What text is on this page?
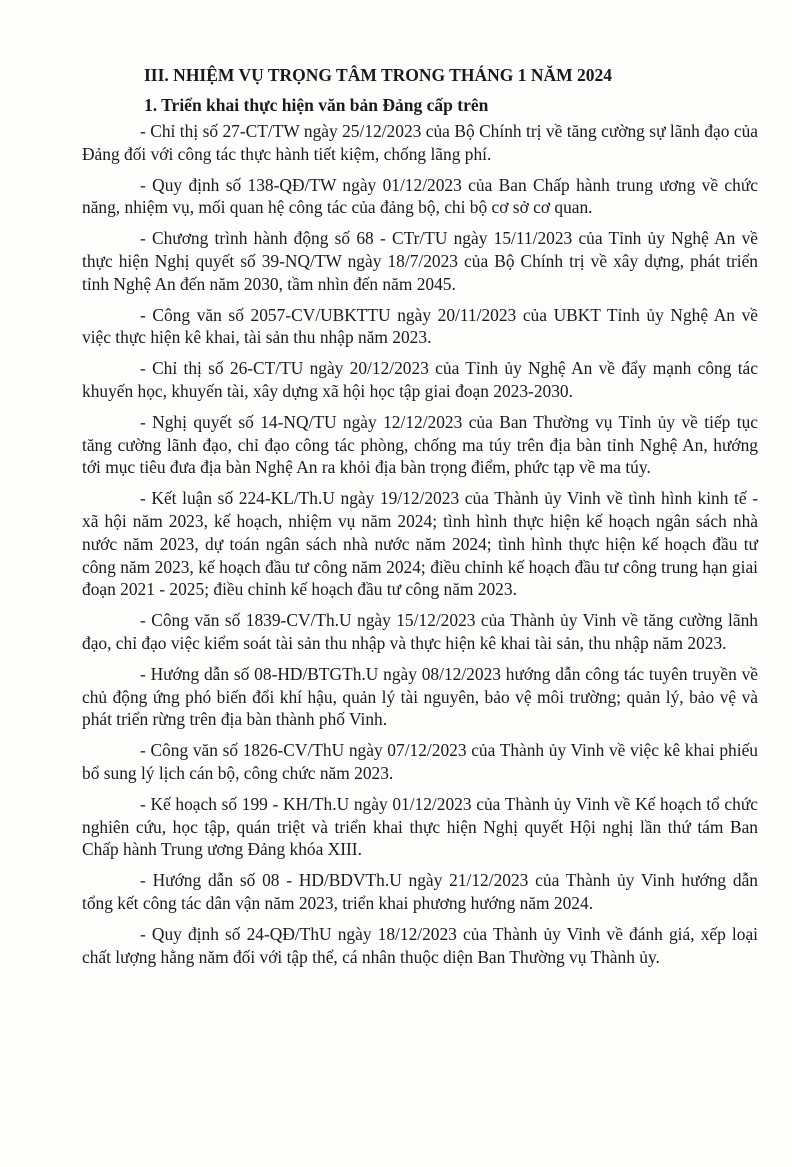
III. NHIỆM VỤ TRỌNG TÂM TRONG THÁNG 1 NĂM 2024
1. Triển khai thực hiện văn bản Đảng cấp trên

- Chỉ thị số 27-CT/TW ngày 25/12/2023 của Bộ Chính trị về tăng cường sự lãnh đạo của Đảng đối với công tác thực hành tiết kiệm, chống lãng phí.

- Quy định số 138-QĐ/TW ngày 01/12/2023 của Ban Chấp hành trung ương về chức năng, nhiệm vụ, mối quan hệ công tác của đảng bộ, chi bộ cơ sở cơ quan.

- Chương trình hành động số 68 - CTr/TU ngày 15/11/2023 của Tỉnh ủy Nghệ An về thực hiện Nghị quyết số 39-NQ/TW ngày 18/7/2023 của Bộ Chính trị về xây dựng, phát triển tỉnh Nghệ An đến năm 2030, tầm nhìn đến năm 2045.

- Công văn số 2057-CV/UBKTTU ngày 20/11/2023 của UBKT Tỉnh ủy Nghệ An về việc thực hiện kê khai, tài sản thu nhập năm 2023.

- Chỉ thị số 26-CT/TU ngày 20/12/2023 của Tỉnh ủy Nghệ An về đẩy mạnh công tác khuyến học, khuyến tài, xây dựng xã hội học tập giai đoạn 2023-2030.

- Nghị quyết số 14-NQ/TU ngày 12/12/2023 của Ban Thường vụ Tỉnh ủy về tiếp tục tăng cường lãnh đạo, chỉ đạo công tác phòng, chống ma túy trên địa bàn tỉnh Nghệ An, hướng tới mục tiêu đưa địa bàn Nghệ An ra khỏi địa bàn trọng điểm, phức tạp về ma túy.

- Kết luận số 224-KL/Th.U ngày 19/12/2023 của Thành ủy Vinh về tình hình kinh tế - xã hội năm 2023, kế hoạch, nhiệm vụ năm 2024; tình hình thực hiện kế hoạch ngân sách nhà nước năm 2023, dự toán ngân sách nhà nước năm 2024; tình hình thực hiện kế hoạch đầu tư công năm 2023, kế hoạch đầu tư công năm 2024; điều chỉnh kế hoạch đầu tư công trung hạn giai đoạn 2021 - 2025; điều chỉnh kế hoạch đầu tư công năm 2023.

- Công văn số 1839-CV/Th.U ngày 15/12/2023 của Thành ủy Vinh về tăng cường lãnh đạo, chỉ đạo việc kiểm soát tài sản thu nhập và thực hiện kê khai tài sản, thu nhập năm 2023.

- Hướng dẫn số 08-HD/BTGTh.U ngày 08/12/2023 hướng dẫn công tác tuyên truyền về chủ động ứng phó biến đổi khí hậu, quản lý tài nguyên, bảo vệ môi trường; quản lý, bảo vệ và phát triển rừng trên địa bàn thành phố Vinh.

- Công văn số 1826-CV/ThU ngày 07/12/2023 của Thành ủy Vinh về việc kê khai phiếu bổ sung lý lịch cán bộ, công chức năm 2023.

- Kế hoạch số 199 - KH/Th.U ngày 01/12/2023 của Thành ủy Vinh về Kế hoạch tổ chức nghiên cứu, học tập, quán triệt và triển khai thực hiện Nghị quyết Hội nghị lần thứ tám Ban Chấp hành Trung ương Đảng khóa XIII.

- Hướng dẫn số 08 - HD/BDVTh.U ngày 21/12/2023 của Thành ủy Vinh hướng dẫn tổng kết công tác dân vận năm 2023, triển khai phương hướng năm 2024.

- Quy định số 24-QĐ/ThU ngày 18/12/2023 của Thành ủy Vinh về đánh giá, xếp loại chất lượng hằng năm đối với tập thể, cá nhân thuộc diện Ban Thường vụ Thành ủy.
